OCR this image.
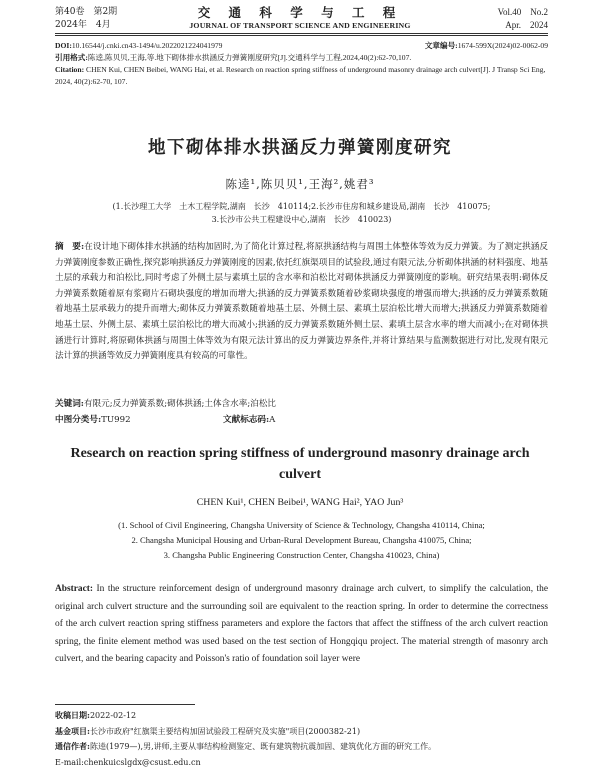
第40卷　第2期
2024年　4月
交 通 科 学 与 工 程
JOURNAL OF TRANSPORT SCIENCE AND ENGINEERING
Vol.40　No.2
Apr.　2024
DOI:10.16544/j.cnki.cn43-1494/u.2022021224041979	文章编号:1674-599X(2024)02-0062-09
引用格式:陈逵,陈贝贝,王海,等.地下砌体排水拱涵反力弹簧刚度研究[J].交通科学与工程,2024,40(2):62-70,107.
Citation: CHEN Kui, CHEN Beibei, WANG Hai, et al. Research on reaction spring stiffness of underground masonry drainage arch culvert[J]. J Transp Sci Eng, 2024, 40(2):62-70, 107.
地下砌体排水拱涵反力弹簧刚度研究
陈逵¹,陈贝贝¹,王海²,姚君³
(1.长沙理工大学　土木工程学院,湖南　长沙　410114;2.长沙市住房和城乡建设局,湖南　长沙　410075;
3.长沙市公共工程建设中心,湖南　长沙　410023)
摘　要:在设计地下砌体排水拱涵的结构加固时,为了简化计算过程,将原拱涵结构与周围土体整体等效为反力弹簧。为了测定拱涵反力弹簧刚度参数正确性,探究影响拱涵反力弹簧刚度的因素,依托红旗渠项目的试验段,通过有限元法,分析砌体拱涵的材料强度、地基土层的承载力和泊松比,同时考虑了外侧土层与素填土层的含水率和泊松比对砌体拱涵反力弹簧刚度的影响。研究结果表明:砌体反力弹簧系数随着原有浆砌片石砌块强度的增加而增大;拱涵的反力弹簧系数随着砂浆砌块强度的增强而增大;拱涵的反力弹簧系数随着地基土层承载力的提升而增大;砌体反力弹簧系数随着地基土层、外侧土层、素填土层泊松比增大而增大;拱涵反力弹簧系数随着地基土层、外侧土层、素填土层泊松比的增大而减小;拱涵的反力弹簧系数随外侧土层、素填土层含水率的增大而减小;在对砌体拱涵进行计算时,将原砌体拱涵与周围土体等效为有限元法计算出的反力弹簧边界条件,并将计算结果与监测数据进行对比,发现有限元法计算的拱涵等效反力弹簧刚度具有较高的可靠性。
关键词:有限元;反力弹簧系数;砌体拱涵;土体含水率;泊松比
中图分类号:TU992	文献标志码:A
Research on reaction spring stiffness of underground masonry drainage arch culvert
CHEN Kui¹, CHEN Beibei¹, WANG Hai², YAO Jun³
(1. School of Civil Engineering, Changsha University of Science & Technology, Changsha 410114, China;
2. Changsha Municipal Housing and Urban-Rural Development Bureau, Changsha 410075, China;
3. Changsha Public Engineering Construction Center, Changsha 410023, China)
Abstract: In the structure reinforcement design of underground masonry drainage arch culvert, to simplify the calculation, the original arch culvert structure and the surrounding soil are equivalent to the reaction spring. In order to determine the correctness of the arch culvert reaction spring stiffness parameters and explore the factors that affect the stiffness of the arch culvert reaction spring, the finite element method was used based on the test section of Hongqiqu project. The material strength of masonry arch culvert, and the bearing capacity and Poisson's ratio of foundation soil layer were
收稿日期:2022-02-12
基金项目:长沙市政府"红旗渠主要结构加固试验段工程研究及实施"项目(2000382-21)
通信作者:陈逵(1979—),男,讲师,主要从事结构检测鉴定、既有建筑物抗震加固、建筑优化方面的研究工作。
E-mail:chenkuicslgdx@csust.edu.cn
